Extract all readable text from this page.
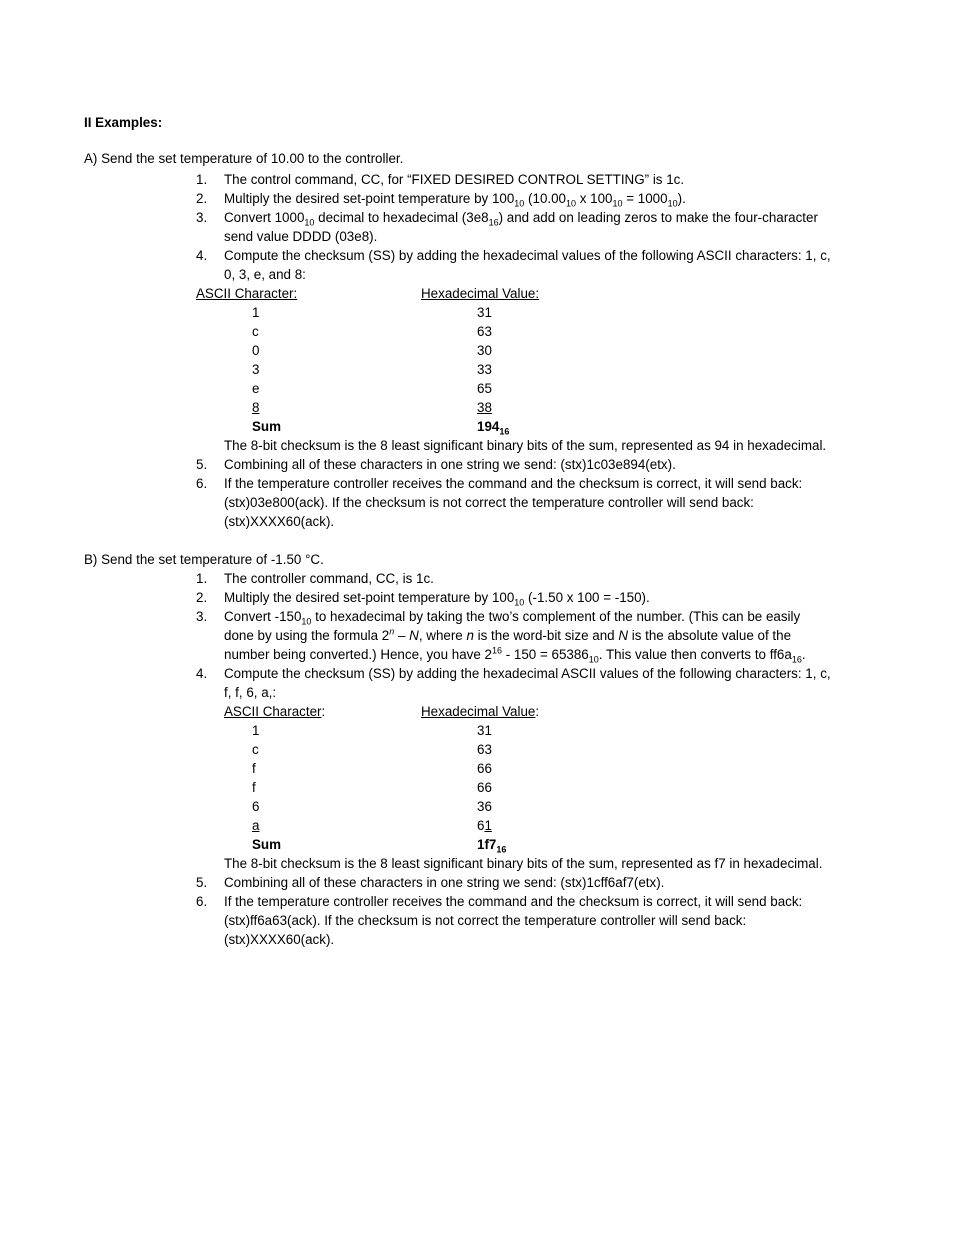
II Examples:
A) Send the set temperature of 10.00 to the controller.
1. The control command, CC, for “FIXED DESIRED CONTROL SETTING” is 1c.
2. Multiply the desired set-point temperature by $100_{10}$ ($10.00_{10}$ x $100_{10} = 1000_{10}$).
3. Convert $1000_{10}$ decimal to hexadecimal $(3e8_{16})$ and add on leading zeros to make the four-character
send value DDDD (03e8).
4. Compute the checksum (SS) by adding the hexadecimal values of the following ASCII characters: 1, c,
0, 3, e, and 8:
ASCII Character:	Hexadecimal Value:
1	31
c	63
0	30
3	33
e	65
8	38
Sum	$194_{16}$
The 8-bit checksum is the 8 least significant binary bits of the sum, represented as 94 in hexadecimal.
5. Combining all of these characters in one string we send: (stx)1c03e894(etx).
6. If the temperature controller receives the command and the checksum is correct, it will send back:
(stx)03e800(ack). If the checksum is not correct the temperature controller will send back:
(stx)XXXX60(ack).
B) Send the set temperature of -1.50 °C.
1. The controller command, CC, is 1c.
2. Multiply the desired set-point temperature by $100_{10}$ (-1.50 x 100 = -150).
3. Convert $-150_{10}$ to hexadecimal by taking the two’s complement of the number. (This can be easily
done by using the formula 2$^n$ – N, where n is the word-bit size and N is the absolute value of the
number being converted.) Hence, you have $2^{16} - 150 = 65386_{10}$. This value then converts to $ff6a_{16}$.
4. Compute the checksum (SS) by adding the hexadecimal ASCII values of the following characters: 1, c,
f, f, 6, a,:
ASCII Character:	Hexadecimal Value:
1	31
c	63
f	66
f	66
6	36
a	61
Sum	$1f7_{16}$
The 8-bit checksum is the 8 least significant binary bits of the sum, represented as f7 in hexadecimal.
5. Combining all of these characters in one string we send: (stx)1cff6af7(etx).
6. If the temperature controller receives the command and the checksum is correct, it will send back:
(stx)ff6a63(ack). If the checksum is not correct the temperature controller will send back:
(stx)XXXX60(ack).
